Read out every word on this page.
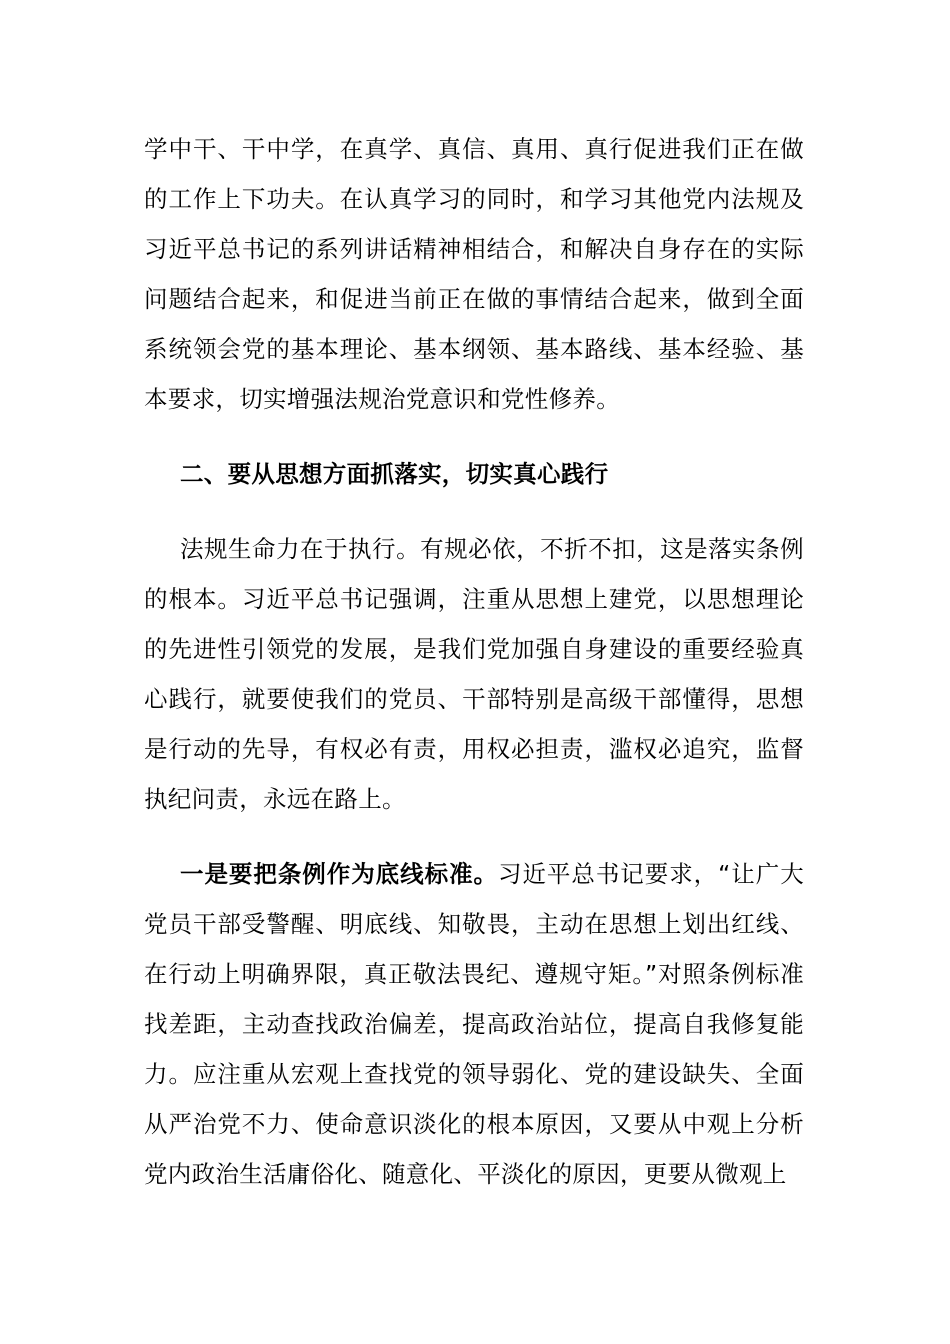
学中干、干中学，在真学、真信、真用、真行促进我们正在做的工作上下功夫。在认真学习的同时，和学习其他党内法规及习近平总书记的系列讲话精神相结合，和解决自身存在的实际问题结合起来，和促进当前正在做的事情结合起来，做到全面系统领会党的基本理论、基本纲领、基本路线、基本经验、基本要求，切实增强法规治党意识和党性修养。

二、要从思想方面抓落实，切实真心践行

法规生命力在于执行。有规必依，不折不扣，这是落实条例的根本。习近平总书记强调，注重从思想上建党，以思想理论的先进性引领党的发展，是我们党加强自身建设的重要经验真心践行，就要使我们的党员、干部特别是高级干部懂得，思想是行动的先导，有权必有责，用权必担责，滥权必追究，监督执纪问责，永远在路上。

一是要把条例作为底线标准。习近平总书记要求，“让广大党员干部受警醒、明底线、知敬畏，主动在思想上划出红线、在行动上明确界限，真正敬法畏纪、遵规守矩。”对照条例标准找差距，主动查找政治偏差，提高政治站位，提高自我修复能力。应注重从宏观上查找党的领导弱化、党的建设缺失、全面从严治党不力、使命意识淡化的根本原因，又要从中观上分析党内政治生活庸俗化、随意化、平淡化的原因，更要从微观上
